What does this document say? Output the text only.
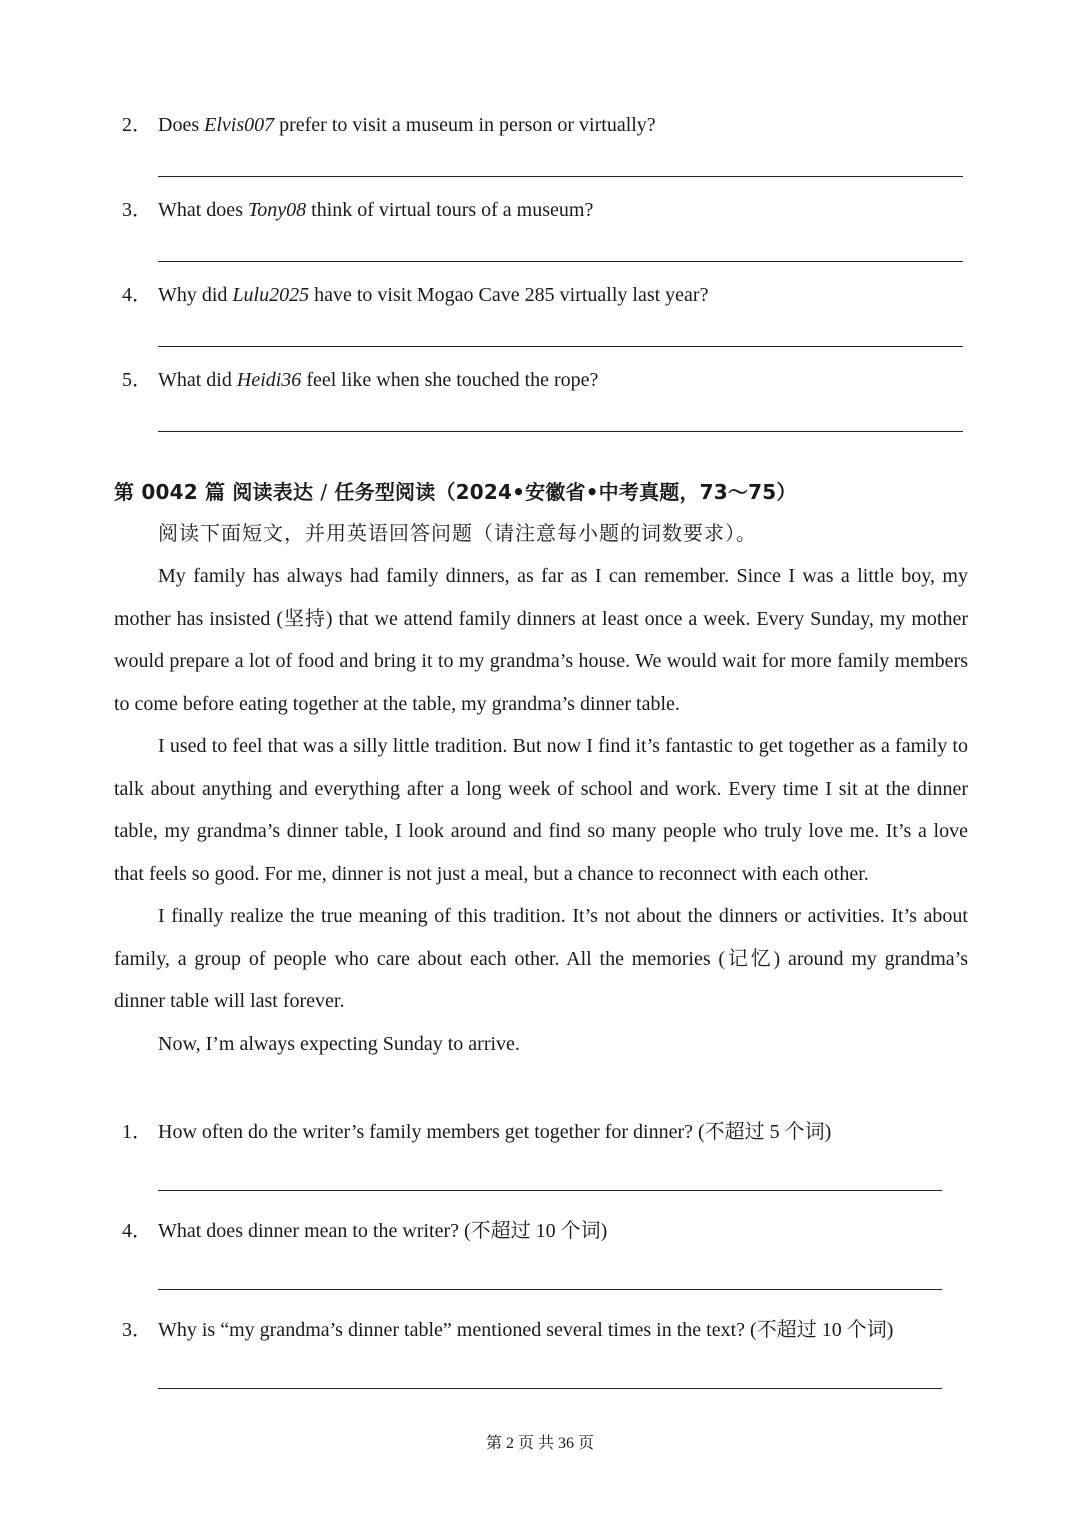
2． Does Elvis007 prefer to visit a museum in person or virtually?
3． What does Tony08 think of virtual tours of a museum?
4． Why did Lulu2025 have to visit Mogao Cave 285 virtually last year?
5． What did Heidi36 feel like when she touched the rope?
第 0042 篇 阅读表达 / 任务型阅读（2024•安徽省•中考真题，73～75）
阅读下面短文，并用英语回答问题（请注意每小题的词数要求）。

My family has always had family dinners, as far as I can remember. Since I was a little boy, my mother has insisted (坚持) that we attend family dinners at least once a week. Every Sunday, my mother would prepare a lot of food and bring it to my grandma’s house. We would wait for more family members to come before eating together at the table, my grandma’s dinner table.

I used to feel that was a silly little tradition. But now I find it’s fantastic to get together as a family to talk about anything and everything after a long week of school and work. Every time I sit at the dinner table, my grandma’s dinner table, I look around and find so many people who truly love me. It’s a love that feels so good. For me, dinner is not just a meal, but a chance to reconnect with each other.

I finally realize the true meaning of this tradition. It’s not about the dinners or activities. It’s about family, a group of people who care about each other. All the memories (记忆) around my grandma’s dinner table will last forever.

Now, I’m always expecting Sunday to arrive.

1． How often do the writer’s family members get together for dinner? (不超过 5 个词)
4． What does dinner mean to the writer? (不超过 10 个词)
3． Why is “my grandma’s dinner table” mentioned several times in the text? (不超过 10 个词)
第 2 页 共 36 页
